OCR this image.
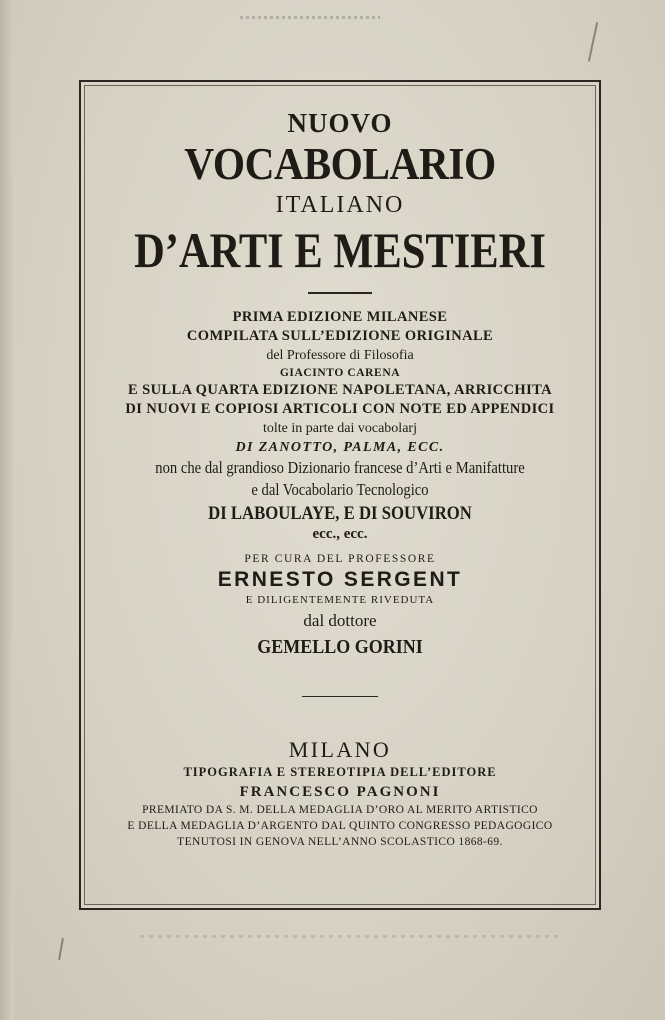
NUOVO
VOCABOLARIO
ITALIANO
D’ARTI E MESTIERI
PRIMA EDIZIONE MILANESE
COMPILATA SULL’EDIZIONE ORIGINALE
del Professore di Filosofia
GIACINTO CARENA
E SULLA QUARTA EDIZIONE NAPOLETANA, ARRICCHITA
DI NUOVI E COPIOSI ARTICOLI CON NOTE ED APPENDICI
tolte in parte dai vocabolarj
DI ZANOTTO, PALMA, ECC.
non che dal grandioso Dizionario francese d’Arti e Manifatture
e dal Vocabolario Tecnologico
DI LABOULAYE, E DI SOUVIRON
ecc., ecc.
PER CURA DEL PROFESSORE
ERNESTO SERGENT
E DILIGENTEMENTE RIVEDUTA
dal dottore
GEMELLO GORINI
MILANO
TIPOGRAFIA E STEREOTIPIA DELL’EDITORE
FRANCESCO PAGNONI
PREMIATO DA S. M. DELLA MEDAGLIA D’ORO AL MERITO ARTISTICO
E DELLA MEDAGLIA D’ARGENTO DAL QUINTO CONGRESSO PEDAGOGICO
TENUTOSI IN GENOVA NELL’ANNO SCOLASTICO 1868-69.
